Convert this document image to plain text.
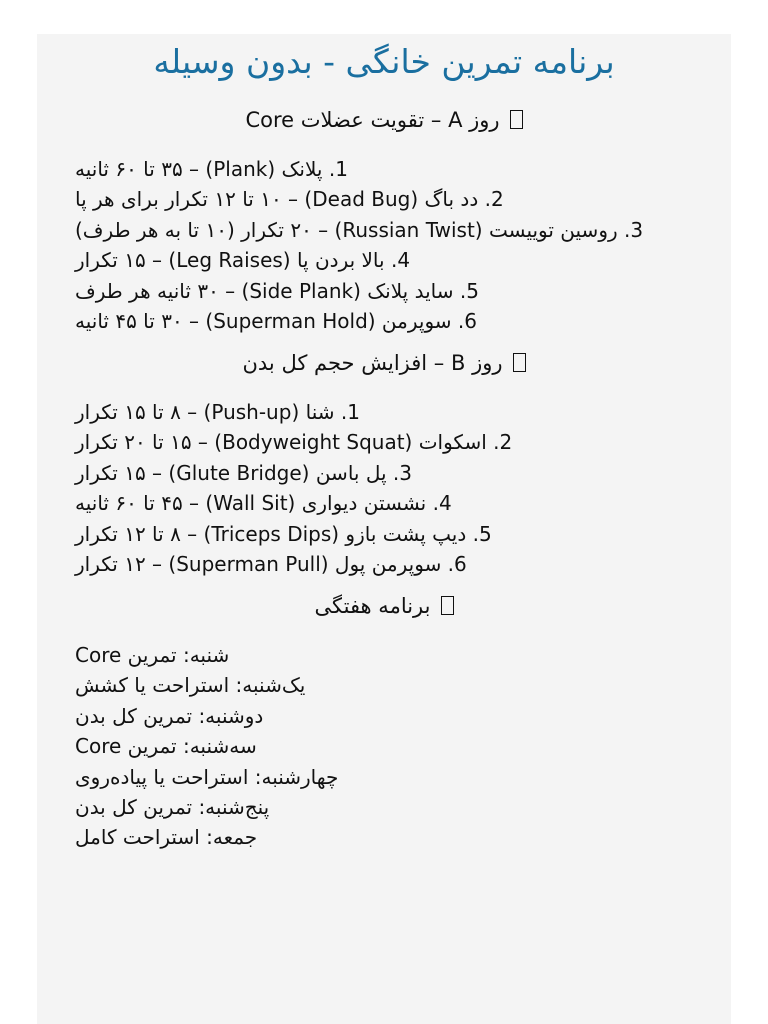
برنامه تمرین خانگی - بدون وسیله
روز A – تقویت عضلات Core
1. پلانک (Plank) – ۳۵ تا ۶۰ ثانیه
2. دد باگ (Dead Bug) – ۱۰ تا ۱۲ تکرار برای هر پا
3. روسین توییست (Russian Twist) – ۲۰ تکرار (۱۰ تا به هر طرف)
4. بالا بردن پا (Leg Raises) – ۱۵ تکرار
5. ساید پلانک (Side Plank) – ۳۰ ثانیه هر طرف
6. سوپرمن (Superman Hold) – ۳۰ تا ۴۵ ثانیه
روز B – افزایش حجم کل بدن
1. شنا (Push-up) – ۸ تا ۱۵ تکرار
2. اسکوات (Bodyweight Squat) – ۱۵ تا ۲۰ تکرار
3. پل باسن (Glute Bridge) – ۱۵ تکرار
4. نشستن دیواری (Wall Sit) – ۴۵ تا ۶۰ ثانیه
5. دیپ پشت بازو (Triceps Dips) – ۸ تا ۱۲ تکرار
6. سوپرمن پول (Superman Pull) – ۱۲ تکرار
برنامه هفتگی
شنبه: تمرین Core
یک‌شنبه: استراحت یا کشش
دوشنبه: تمرین کل بدن
سه‌شنبه: تمرین Core
چهارشنبه: استراحت یا پیاده‌روی
پنج‌شنبه: تمرین کل بدن
جمعه: استراحت کامل
